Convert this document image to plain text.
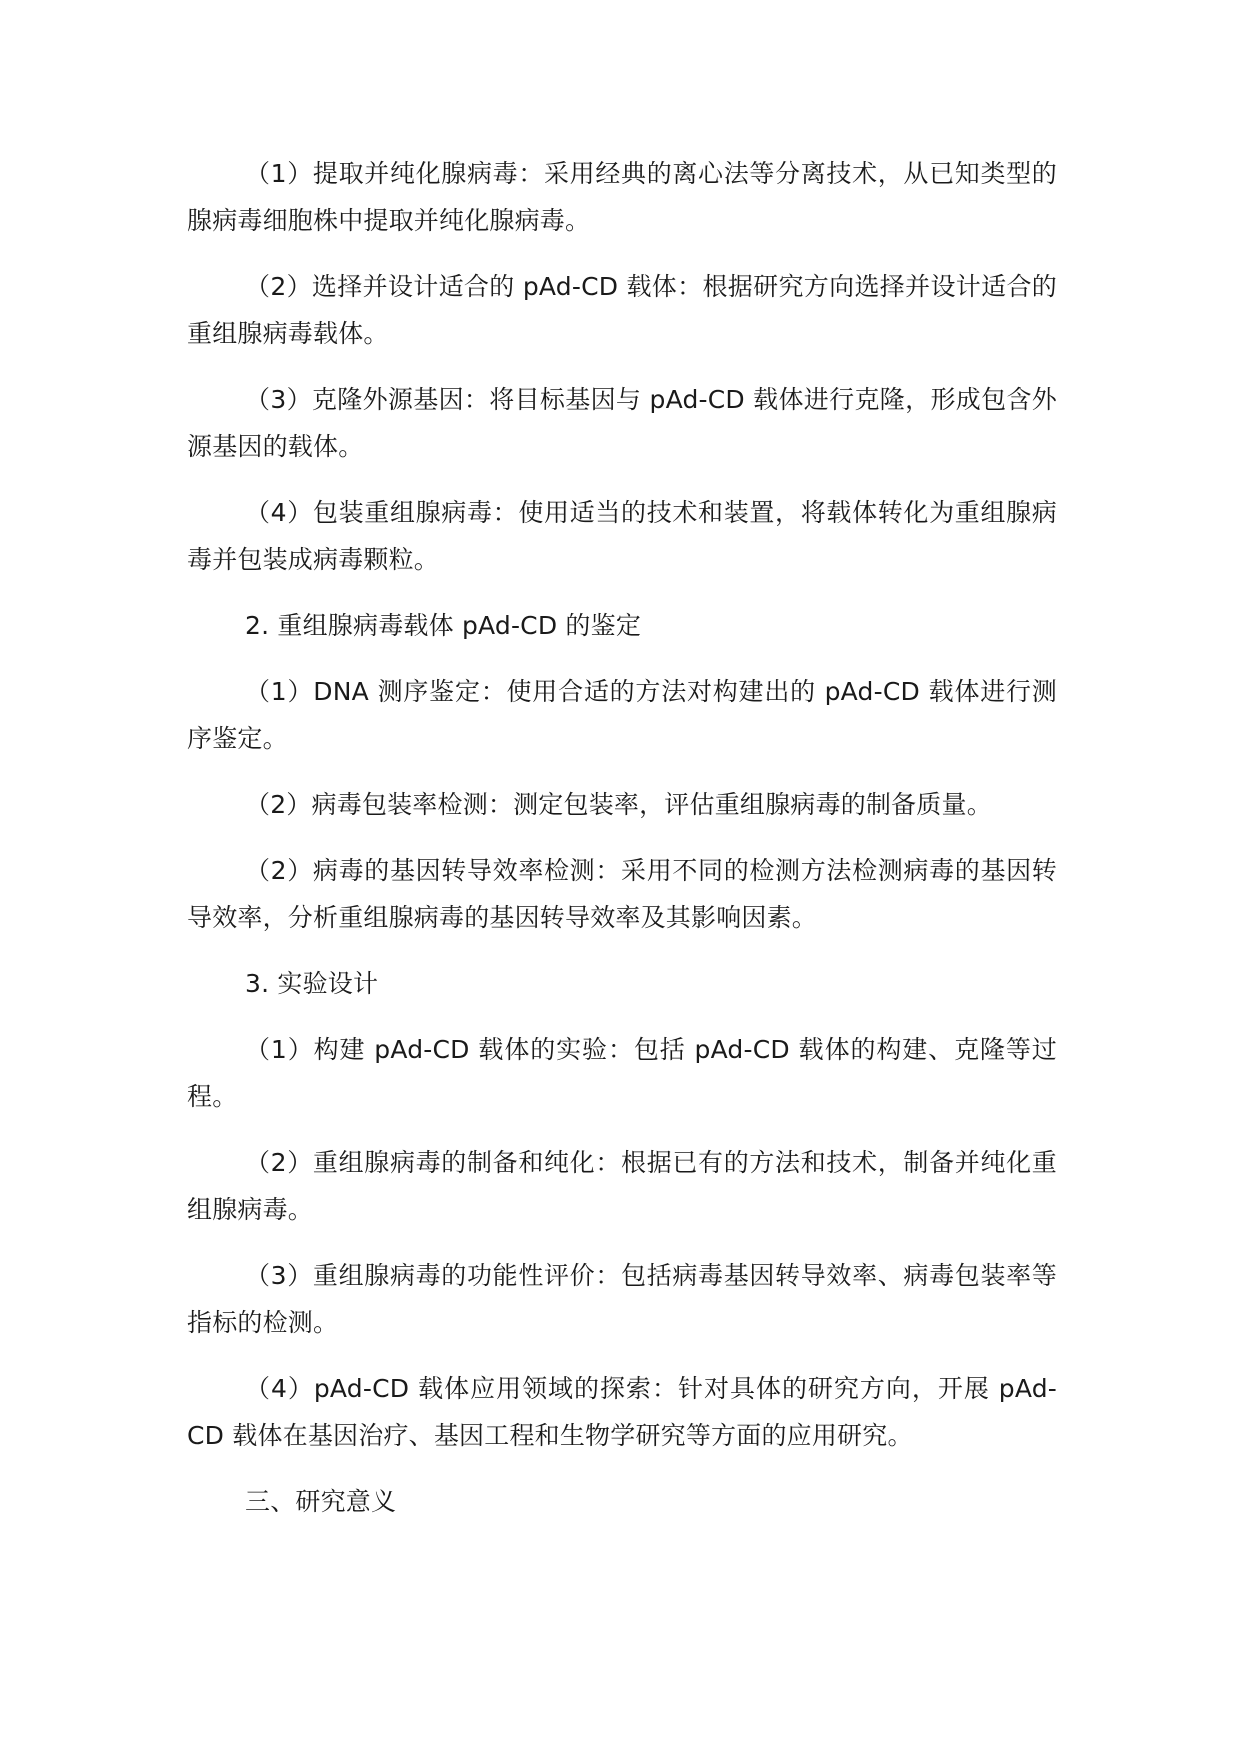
（1）提取并纯化腺病毒：采用经典的离心法等分离技术，从已知类型的腺病毒细胞株中提取并纯化腺病毒。

（2）选择并设计适合的 pAd-CD 载体：根据研究方向选择并设计适合的重组腺病毒载体。

（3）克隆外源基因：将目标基因与 pAd-CD 载体进行克隆，形成包含外源基因的载体。

（4）包装重组腺病毒：使用适当的技术和装置，将载体转化为重组腺病毒并包装成病毒颗粒。

2. 重组腺病毒载体 pAd-CD 的鉴定

（1）DNA 测序鉴定：使用合适的方法对构建出的 pAd-CD 载体进行测序鉴定。

（2）病毒包装率检测：测定包装率，评估重组腺病毒的制备质量。

（2）病毒的基因转导效率检测：采用不同的检测方法检测病毒的基因转导效率，分析重组腺病毒的基因转导效率及其影响因素。

3. 实验设计

（1）构建 pAd-CD 载体的实验：包括 pAd-CD 载体的构建、克隆等过程。

（2）重组腺病毒的制备和纯化：根据已有的方法和技术，制备并纯化重组腺病毒。

（3）重组腺病毒的功能性评价：包括病毒基因转导效率、病毒包装率等指标的检测。

（4）pAd-CD 载体应用领域的探索：针对具体的研究方向，开展 pAd-CD 载体在基因治疗、基因工程和生物学研究等方面的应用研究。

三、研究意义
